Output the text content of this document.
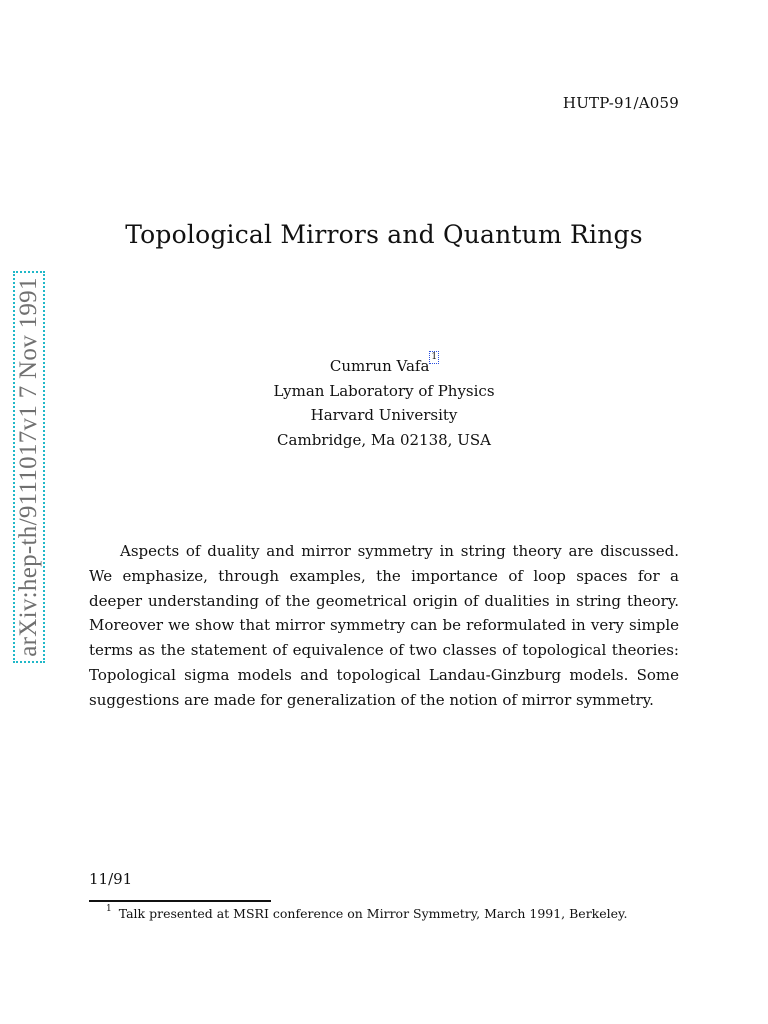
HUTP-91/A059
Topological Mirrors and Quantum Rings
Cumrun Vafa 1
Lyman Laboratory of Physics
Harvard University
Cambridge, Ma 02138, USA
Aspects of duality and mirror symmetry in string theory are discussed. We emphasize, through examples, the importance of loop spaces for a deeper understanding of the geometrical origin of dualities in string theory. Moreover we show that mirror symmetry can be reformulated in very simple terms as the statement of equivalence of two classes of topological theories: Topological sigma models and topological Landau-Ginzburg models. Some suggestions are made for generalization of the notion of mirror symmetry.
11/91
$^1$ Talk presented at MSRI conference on Mirror Symmetry, March 1991, Berkeley.
arXiv:hep-th/9111017v1 7 Nov 1991
